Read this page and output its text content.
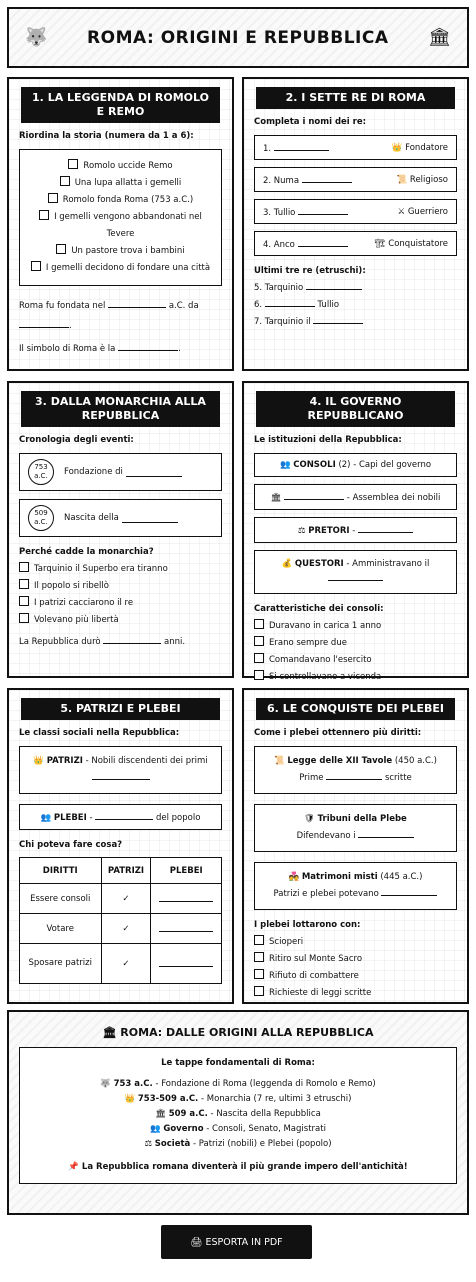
🐺 ROMA: ORIGINI E REPUBBLICA 🏛
1. LA LEGGENDA DI ROMOLO E REMO
Riordina la storia (numera da 1 a 6):
Romolo uccide Remo
Una lupa allatta i gemelli
Romolo fonda Roma (753 a.C.)
I gemelli vengono abbandonati nel Tevere
Un pastore trova i bambini
I gemelli decidono di fondare una città
Roma fu fondata nel	a.C. da
.
Il simbolo di Roma è la	.
2. I SETTE RE DI ROMA
Completa i nomi dei re:
1.	👑 Fondatore
2. Numa	📜 Religioso
3. Tullio	⚔ Guerriero
4. Anco	🏗 Conquistatore
Ultimi tre re (etruschi):
5. Tarquinio
6.	Tullio
7. Tarquinio il
3. DALLA MONARCHIA ALLA REPUBBLICA
Cronologia degli eventi:
753
a.C. Fondazione di

509
a.C. Nascita della

Perché cadde la monarchia?
Tarquinio il Superbo era tiranno
Il popolo si ribellò
I patrizi cacciarono il re
Volevano più libertà
La Repubblica durò	anni.
4. IL GOVERNO REPUBBLICANO
Le istituzioni della Repubblica:
👥 CONSOLI (2) - Capi del governo
🏛	- Assemblea dei nobili
⚖ PRETORI -
💰 QUESTORI - Amministravano il

Caratteristiche dei consoli:
Duravano in carica 1 anno
Erano sempre due
Comandavano l'esercito
Si controllavano a vicenda
5. PATRIZI E PLEBEI
Le classi sociali nella Repubblica:
👑 PATRIZI - Nobili discendenti dei primi

👥 PLEBEI -	del popolo
Chi poteva fare cosa?
DIRITTI	PATRIZI	PLEBEI
Essere consoli	✓	
Votare	✓	
Sposare patrizi	✓	
6. LE CONQUISTE DEI PLEBEI
Come i plebei ottennero più diritti:
📜 Legge delle XII Tavole (450 a.C.)
Prime	scritte
🛡 Tribuni della Plebe
Difendevano i
💑 Matrimoni misti (445 a.C.)
Patrizi e plebei potevano
I plebei lottarono con:
Scioperi
Ritiro sul Monte Sacro
Rifiuto di combattere
Richieste di leggi scritte
🏛 ROMA: DALLE ORIGINI ALLA REPUBBLICA
Le tappe fondamentali di Roma:
🐺 753 a.C. - Fondazione di Roma (leggenda di Romolo e Remo)
👑 753-509 a.C. - Monarchia (7 re, ultimi 3 etruschi)
🏛 509 a.C. - Nascita della Repubblica
👥 Governo - Consoli, Senato, Magistrati
⚖ Società - Patrizi (nobili) e Plebei (popolo)
📌 La Repubblica romana diventerà il più grande impero dell'antichità!
🖨
ESPORTA IN PDF
